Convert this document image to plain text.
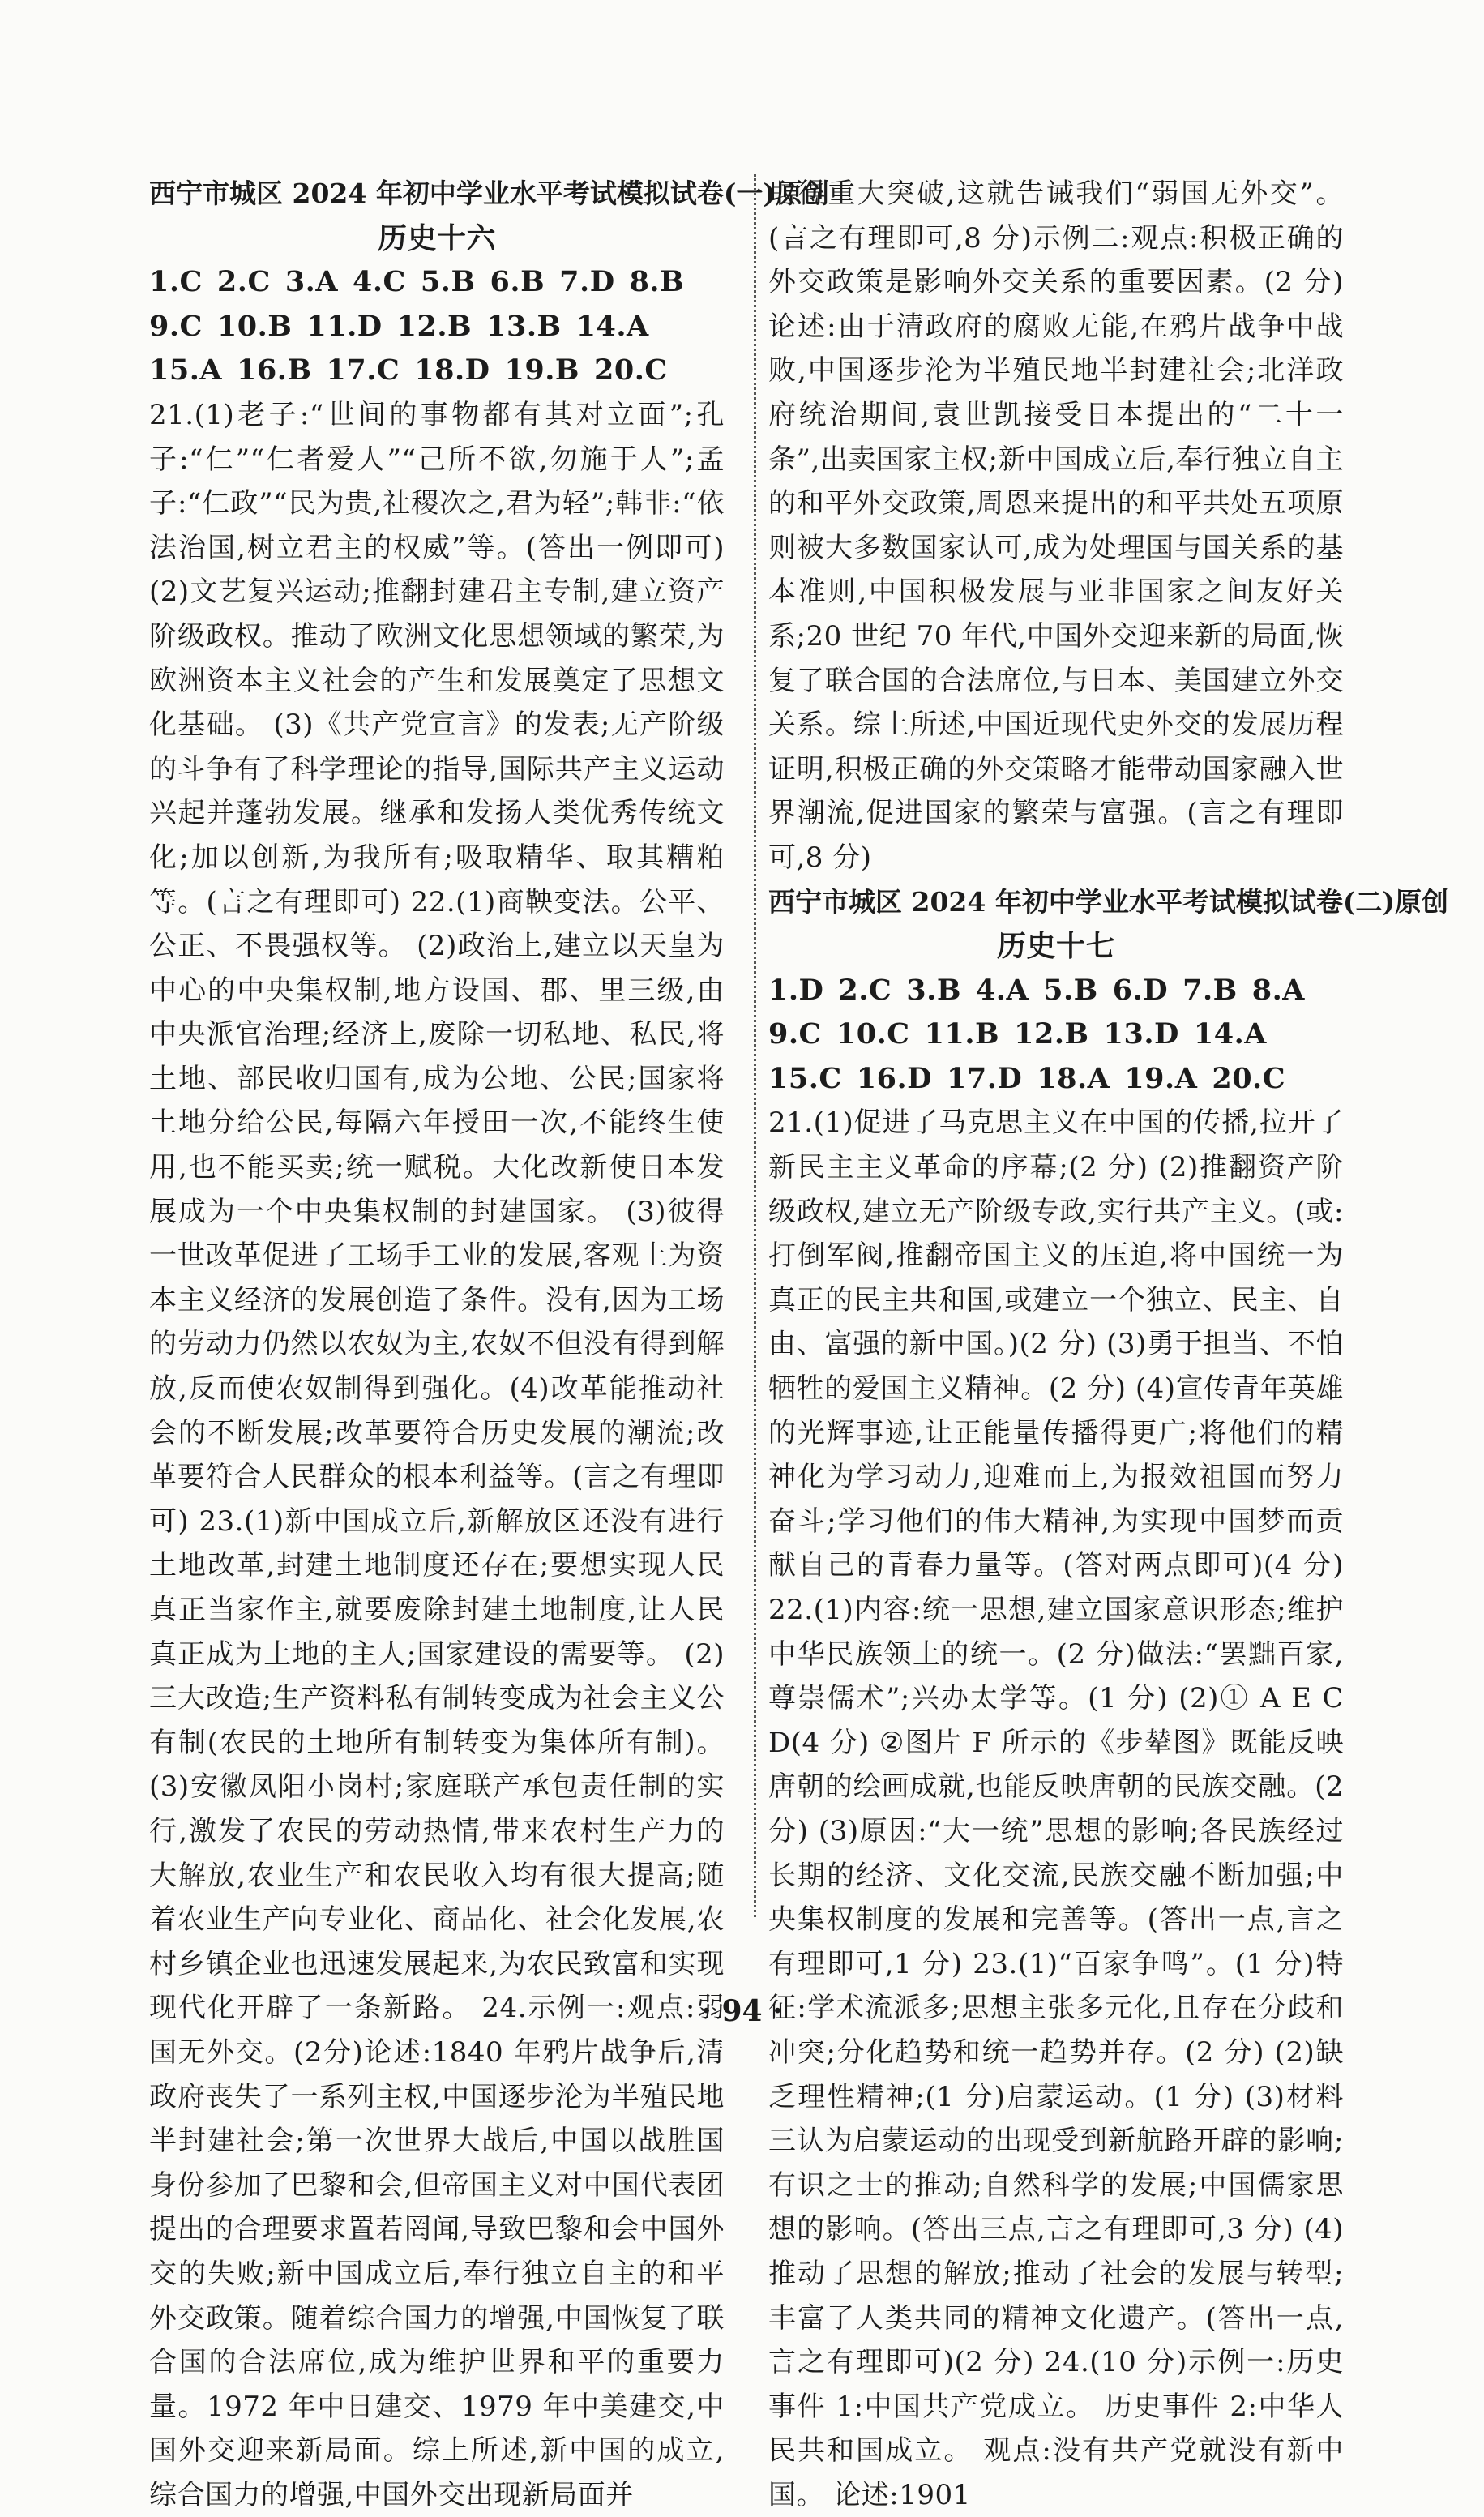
西宁市城区 2024 年初中学业水平考试模拟试卷(一)原创
历史十六
1.C 2.C 3.A 4.C 5.B 6.B 7.D 8.B
9.C 10.B 11.D 12.B 13.B 14.A
15.A 16.B 17.C 18.D 19.B 20.C
21.(1)老子:“世间的事物都有其对立面”;孔子:“仁”“仁者爱人”“己所不欲,勿施于人”;孟子:“仁政”“民为贵,社稷次之,君为轻”;韩非:“依法治国,树立君主的权威”等。(答出一例即可) (2)文艺复兴运动;推翻封建君主专制,建立资产阶级政权。推动了欧洲文化思想领域的繁荣,为欧洲资本主义社会的产生和发展奠定了思想文化基础。 (3)《共产党宣言》的发表;无产阶级的斗争有了科学理论的指导,国际共产主义运动兴起并蓬勃发展。继承和发扬人类优秀传统文化;加以创新,为我所有;吸取精华、取其糟粕等。(言之有理即可) 22.(1)商鞅变法。公平、公正、不畏强权等。 (2)政治上,建立以天皇为中心的中央集权制,地方设国、郡、里三级,由中央派官治理;经济上,废除一切私地、私民,将土地、部民收归国有,成为公地、公民;国家将土地分给公民,每隔六年授田一次,不能终生使用,也不能买卖;统一赋税。大化改新使日本发展成为一个中央集权制的封建国家。 (3)彼得一世改革促进了工场手工业的发展,客观上为资本主义经济的发展创造了条件。没有,因为工场的劳动力仍然以农奴为主,农奴不但没有得到解放,反而使农奴制得到强化。(4)改革能推动社会的不断发展;改革要符合历史发展的潮流;改革要符合人民群众的根本利益等。(言之有理即可) 23.(1)新中国成立后,新解放区还没有进行土地改革,封建土地制度还存在;要想实现人民真正当家作主,就要废除封建土地制度,让人民真正成为土地的主人;国家建设的需要等。 (2)三大改造;生产资料私有制转变成为社会主义公有制(农民的土地所有制转变为集体所有制)。 (3)安徽凤阳小岗村;家庭联产承包责任制的实行,激发了农民的劳动热情,带来农村生产力的大解放,农业生产和农民收入均有很大提高;随着农业生产向专业化、商品化、社会化发展,农村乡镇企业也迅速发展起来,为农民致富和实现现代化开辟了一条新路。 24.示例一:观点:弱国无外交。(2分)论述:1840 年鸦片战争后,清政府丧失了一系列主权,中国逐步沦为半殖民地半封建社会;第一次世界大战后,中国以战胜国身份参加了巴黎和会,但帝国主义对中国代表团提出的合理要求置若罔闻,导致巴黎和会中国外交的失败;新中国成立后,奉行独立自主的和平外交政策。随着综合国力的增强,中国恢复了联合国的合法席位,成为维护世界和平的重要力量。1972 年中日建交、1979 年中美建交,中国外交迎来新局面。综上所述,新中国的成立,综合国力的增强,中国外交出现新局面并
取得重大突破,这就告诫我们“弱国无外交”。(言之有理即可,8 分)示例二:观点:积极正确的外交政策是影响外交关系的重要因素。(2 分)论述:由于清政府的腐败无能,在鸦片战争中战败,中国逐步沦为半殖民地半封建社会;北洋政府统治期间,袁世凯接受日本提出的“二十一条”,出卖国家主权;新中国成立后,奉行独立自主的和平外交政策,周恩来提出的和平共处五项原则被大多数国家认可,成为处理国与国关系的基本准则,中国积极发展与亚非国家之间友好关系;20 世纪 70 年代,中国外交迎来新的局面,恢复了联合国的合法席位,与日本、美国建立外交关系。综上所述,中国近现代史外交的发展历程证明,积极正确的外交策略才能带动国家融入世界潮流,促进国家的繁荣与富强。(言之有理即可,8 分)
西宁市城区 2024 年初中学业水平考试模拟试卷(二)原创
历史十七
1.D 2.C 3.B 4.A 5.B 6.D 7.B 8.A
9.C 10.C 11.B 12.B 13.D 14.A
15.C 16.D 17.D 18.A 19.A 20.C
21.(1)促进了马克思主义在中国的传播,拉开了新民主主义革命的序幕;(2 分) (2)推翻资产阶级政权,建立无产阶级专政,实行共产主义。(或:打倒军阀,推翻帝国主义的压迫,将中国统一为真正的民主共和国,或建立一个独立、民主、自由、富强的新中国。)(2 分) (3)勇于担当、不怕牺牲的爱国主义精神。(2 分) (4)宣传青年英雄的光辉事迹,让正能量传播得更广;将他们的精神化为学习动力,迎难而上,为报效祖国而努力奋斗;学习他们的伟大精神,为实现中国梦而贡献自己的青春力量等。(答对两点即可)(4 分) 22.(1)内容:统一思想,建立国家意识形态;维护中华民族领土的统一。(2 分)做法:“罢黜百家,尊崇儒术”;兴办太学等。(1 分) (2)① A E C D(4 分) ②图片 F 所示的《步辇图》既能反映唐朝的绘画成就,也能反映唐朝的民族交融。(2 分) (3)原因:“大一统”思想的影响;各民族经过长期的经济、文化交流,民族交融不断加强;中央集权制度的发展和完善等。(答出一点,言之有理即可,1 分) 23.(1)“百家争鸣”。(1 分)特征:学术流派多;思想主张多元化,且存在分歧和冲突;分化趋势和统一趋势并存。(2 分) (2)缺乏理性精神;(1 分)启蒙运动。(1 分) (3)材料三认为启蒙运动的出现受到新航路开辟的影响;有识之士的推动;自然科学的发展;中国儒家思想的影响。(答出三点,言之有理即可,3 分) (4)推动了思想的解放;推动了社会的发展与转型;丰富了人类共同的精神文化遗产。(答出一点,言之有理即可)(2 分) 24.(10 分)示例一:历史事件 1:中国共产党成立。 历史事件 2:中华人民共和国成立。 观点:没有共产党就没有新中国。 论述:1901
· 94 ·
